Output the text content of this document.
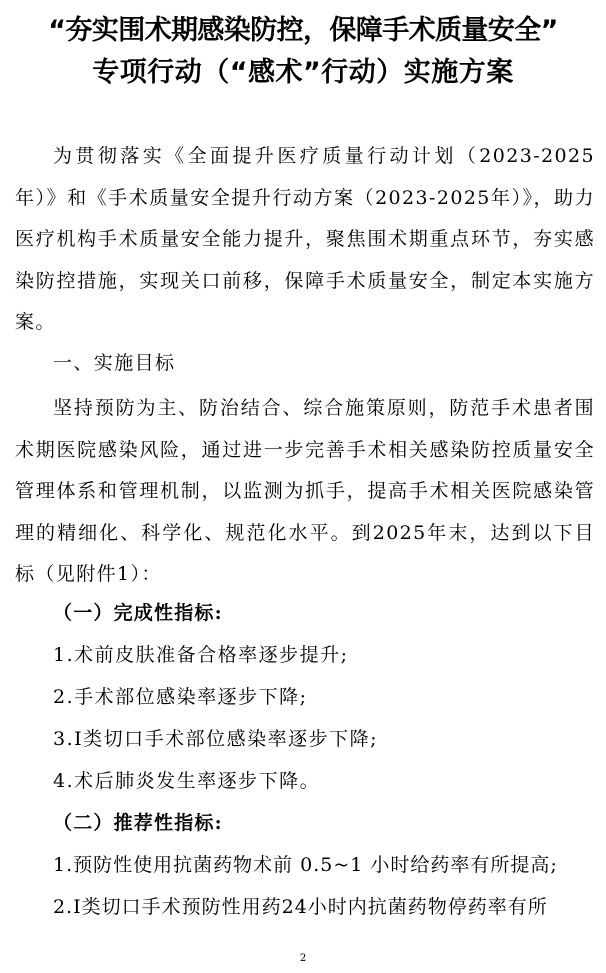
“夯实围术期感染防控，保障手术质量安全”
专项行动（“感术”行动）实施方案
为贯彻落实《全面提升医疗质量行动计划（2023-2025年）》和《手术质量安全提升行动方案（2023-2025年）》，助力医疗机构手术质量安全能力提升，聚焦围术期重点环节，夯实感染防控措施，实现关口前移，保障手术质量安全，制定本实施方案。
一、实施目标
坚持预防为主、防治结合、综合施策原则，防范手术患者围术期医院感染风险，通过进一步完善手术相关感染防控质量安全管理体系和管理机制，以监测为抓手，提高手术相关医院感染管理的精细化、科学化、规范化水平。到2025年末，达到以下目标（见附件1）：
（一）完成性指标:
1.术前皮肤准备合格率逐步提升;
2.手术部位感染率逐步下降;
3.I类切口手术部位感染率逐步下降;
4.术后肺炎发生率逐步下降。
（二）推荐性指标:
1.预防性使用抗菌药物术前 0.5~1 小时给药率有所提高;
2.I类切口手术预防性用药24小时内抗菌药物停药率有所
2
